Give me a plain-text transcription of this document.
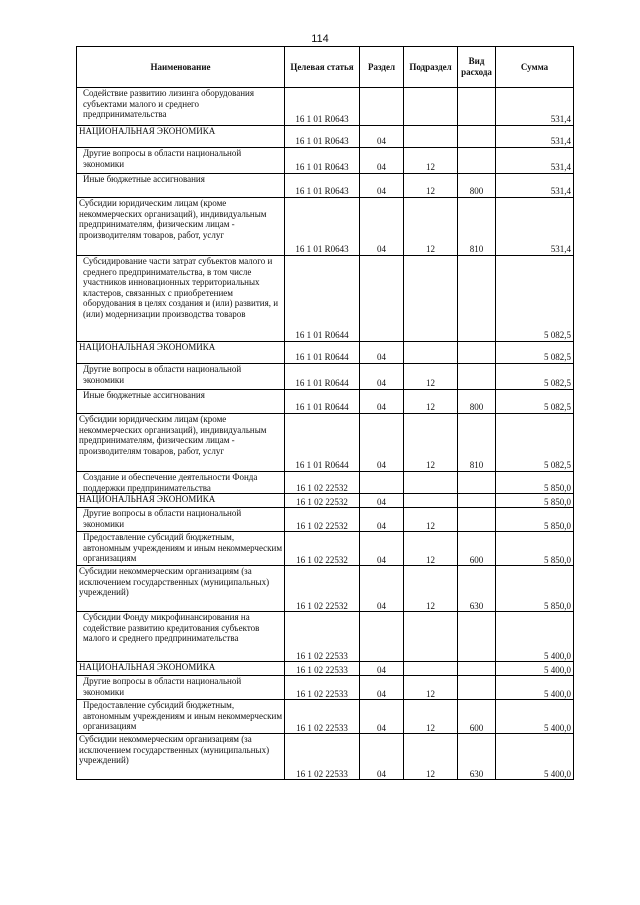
114
Наименование	Целевая статья	Раздел	Подраздел	Вид расхода	Сумма
Содействие развитию лизинга оборудования субъектами малого и среднего предпринимательства	16 1 01 R0643				531,4
НАЦИОНАЛЬНАЯ ЭКОНОМИКА	16 1 01 R0643	04			531,4
Другие вопросы в области национальной экономики	16 1 01 R0643	04	12		531,4
Иные бюджетные ассигнования	16 1 01 R0643	04	12	800	531,4
Субсидии юридическим лицам (кроме некоммерческих организаций), индивидуальным предпринимателям, физическим лицам - производителям товаров, работ, услуг	16 1 01 R0643	04	12	810	531,4
Субсидирование части затрат субъектов малого и среднего предпринимательства, в том числе участников инновационных территориальных кластеров, связанных с приобретением оборудования в целях создания и (или) развития, и (или) модернизации производства товаров	16 1 01 R0644				5 082,5
НАЦИОНАЛЬНАЯ ЭКОНОМИКА	16 1 01 R0644	04			5 082,5
Другие вопросы в области национальной экономики	16 1 01 R0644	04	12		5 082,5
Иные бюджетные ассигнования	16 1 01 R0644	04	12	800	5 082,5
Субсидии юридическим лицам (кроме некоммерческих организаций), индивидуальным предпринимателям, физическим лицам - производителям товаров, работ, услуг	16 1 01 R0644	04	12	810	5 082,5
Создание и обеспечение деятельности Фонда поддержки предпринимательства	16 1 02 22532				5 850,0
НАЦИОНАЛЬНАЯ ЭКОНОМИКА	16 1 02 22532	04			5 850,0
Другие вопросы в области национальной экономики	16 1 02 22532	04	12		5 850,0
Предоставление субсидий бюджетным, автономным учреждениям и иным некоммерческим организациям	16 1 02 22532	04	12	600	5 850,0
Субсидии некоммерческим организациям (за исключением государственных (муниципальных) учреждений)	16 1 02 22532	04	12	630	5 850,0
Субсидии Фонду микрофинансирования на содействие развитию кредитования субъектов малого и среднего предпринимательства	16 1 02 22533				5 400,0
НАЦИОНАЛЬНАЯ ЭКОНОМИКА	16 1 02 22533	04			5 400,0
Другие вопросы в области национальной экономики	16 1 02 22533	04	12		5 400,0
Предоставление субсидий бюджетным, автономным учреждениям и иным некоммерческим организациям	16 1 02 22533	04	12	600	5 400,0
Субсидии некоммерческим организациям (за исключением государственных (муниципальных) учреждений)	16 1 02 22533	04	12	630	5 400,0
